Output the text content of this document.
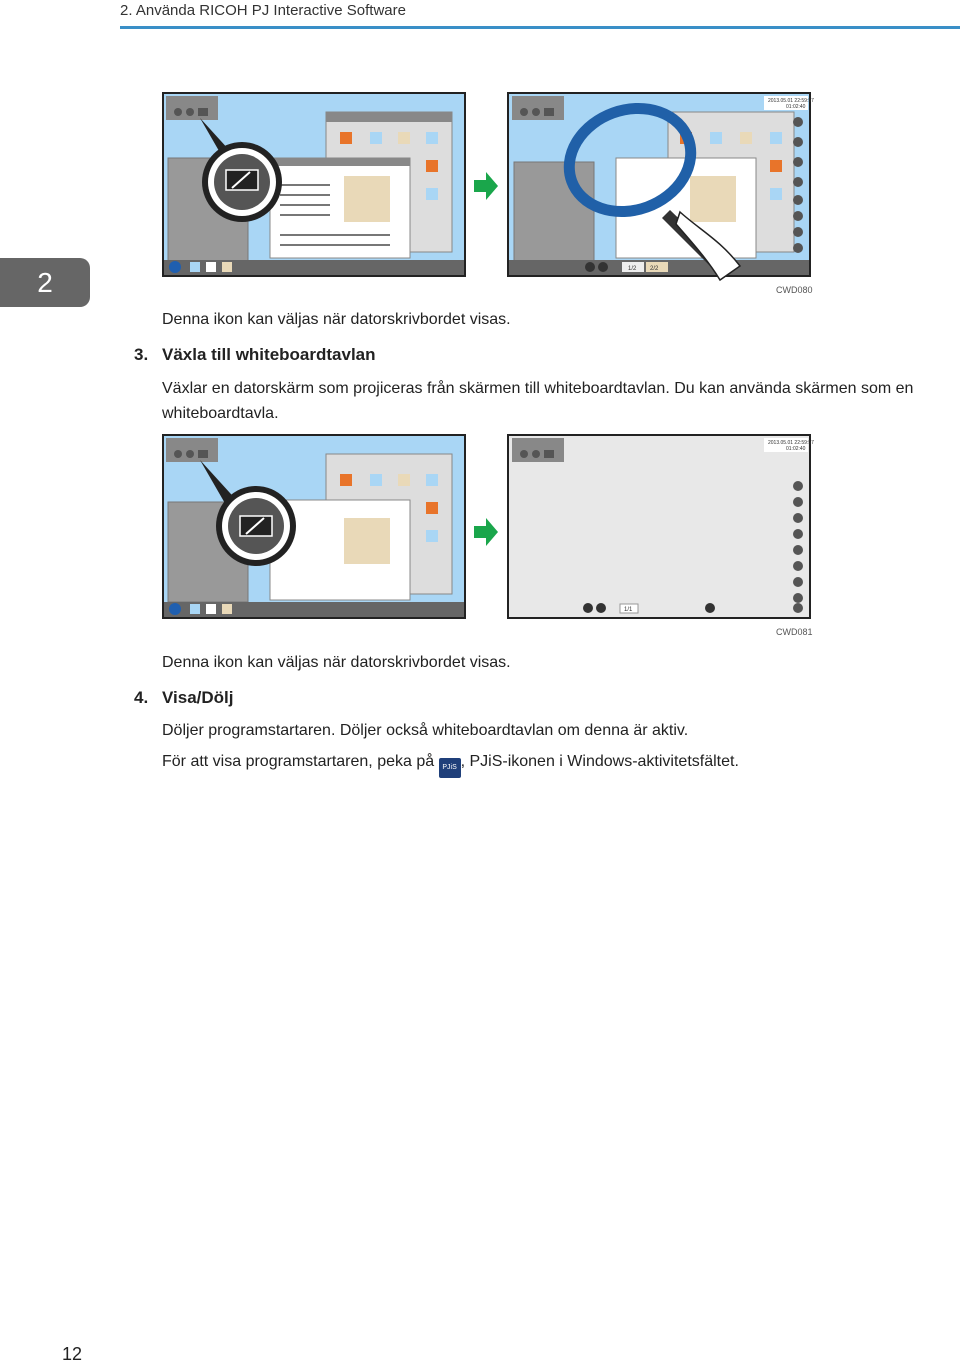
2. Använda RICOH PJ Interactive Software
2
2013.05.01 22:59:57
01:02:40
1/2 2/2
CWD080
Denna ikon kan väljas när datorskrivbordet visas.
3. Växla till whiteboardtavlan
Växlar en datorskärm som projiceras från skärmen till whiteboardtavlan. Du kan använda skärmen som en whiteboardtavla.
2013.05.01 22:59:57
01:02:40
1/1
CWD081
Denna ikon kan väljas när datorskrivbordet visas.
4. Visa/Dölj
Döljer programstartaren. Döljer också whiteboardtavlan om denna är aktiv.
För att visa programstartaren, peka på PJiS , PJiS-ikonen i Windows-aktivitetsfältet.
12
